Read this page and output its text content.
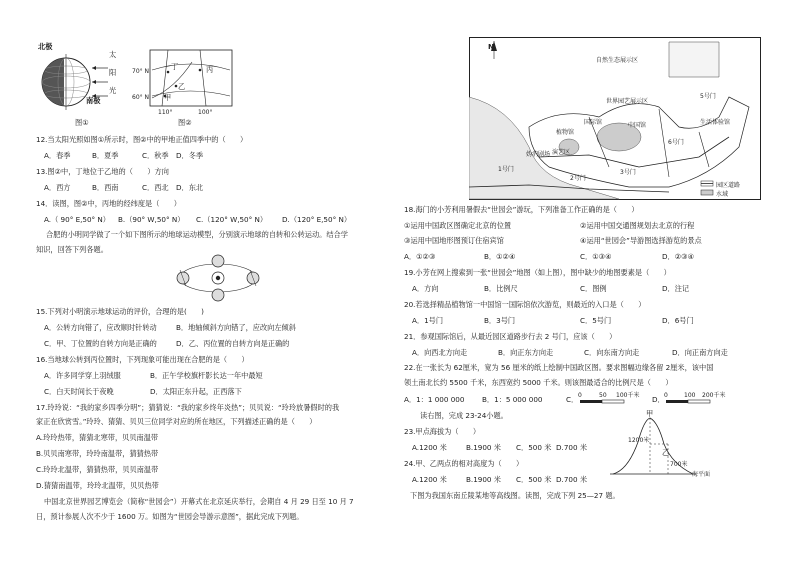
北极
南极
太
阳
光
图①
70° N
60° N
110°	100°
丙
丁
乙
甲
图②
12.当太阳光照如图①所示时，图②中的甲地正值四季中的（　　）
A．春季	B．夏季	C．秋季 D．冬季
13.图②中，丁地位于乙地的（　　）方向
A．西方	B．西南	C．西北 D．东北
14．读图，图②中，丙地的经纬度是（　　）
A.（ 90° E,50° N） B.（90° W,50° N） C.（120° W,50° N） D.（120° E,50° N）
合肥的小明同学做了一个如下图所示的地球运动模型，分别演示地球的自转和公转运动。结合学
知识，回答下列各题。
15.下列对小明演示地球运动的评价，合理的是(　　)
A．公转方向错了，应改顺时针转动	B．地轴倾斜方向错了，应改向左倾斜
C．甲、丁位置的自转方向是正确的	D．乙、丙位置的自转方向是正确的
16.当地球公转到丙位置时，下列现象可能出现在合肥的是（　　）
A．许多同学穿上羽绒服	B．正午学校旗杆影长达一年中最短
C．白天时间长于夜晚	D．太阳正东升起，正西落下
17.玲玲说：“我的家乡四季分明”；猜猜说：“我的家乡终年炎热”；贝贝说：“玲玲放暑假时的我
家正在欣赏雪。”玲玲、猜猜、贝贝三位同学对应的所在地区，下列描述正确的是（　　）
A.玲玲热带，猜猜北寒带，贝贝南温带
B.贝贝南寒带，玲玲南温带，猜猜热带
C.玲玲北温带，猜猜热带，贝贝南温带
D.猜猜南温带，玲玲北温带，贝贝热带
中国北京世界园艺博览会（简称“世园会”）开幕式在北京延庆举行，会期自 4 月 29 日至 10 月 7
日，预计参展人次不少于 1600 万。如图为“世园会导游示意图”，据此完成下列题。
N
自然生态展示区
生活体验馆
世界园艺展示区
中国馆
国际馆
植物馆
妫汭剧场 演艺区
5号门
6号门
1号门
2号门
3号门
园区道路
水域
18.海门的小芳利用暑假去“世园会”游玩，下列准备工作正确的是（　　）
①运用中国政区图确定北京的位置	②运用中国交通图规划去北京的行程
③运用中国地形图预订住宿宾馆	④运用“世园会”导游图选择游览的景点
A．①②③	B．①②④	C．①③④	D．②③④
19.小芳在网上搜索到一张“世园会”地图（如上图），图中缺少的地图要素是（　　）
A．方向	B．比例尺	C．图例	D．注记
20.若选择精品植物馆一中国馆一国际馆依次游览，则最近的入口是（　　）
A．1号门	B．3号门	C．5号门	D．6号门
21．参观国际馆后，从最近园区道路步行去 2 号门，应该（　　）
A．向西北方向走	B．向正东方向走	C．向东南方向走	D．向正南方向走
22.在一张长为 62厘米，宽为 56 厘米的纸上绘制中国政区图。要求图幅边缘各留 2厘米，该中国
领土南北长约 5500 千米，东西宽约 5000 千米。则该图最适合的比例尺是（　　）
A．1：1 000 000 B．1：5 000 000	C． 0	50 100千米 D． 0	100 200千米
读右图，完成 23-24小题。
23.甲点海拔为（　　）
A.1200 米	B.1900 米 C．500 米 D.700 米
24.甲、乙两点的相对高度为（　　）
A.1200 米	B.1900 米 C．500 米 D.700 米
甲
乙
1200米
700米
海平面
下图为我国东南丘陵某地等高线图。读图，完成下列 25—27 题。
